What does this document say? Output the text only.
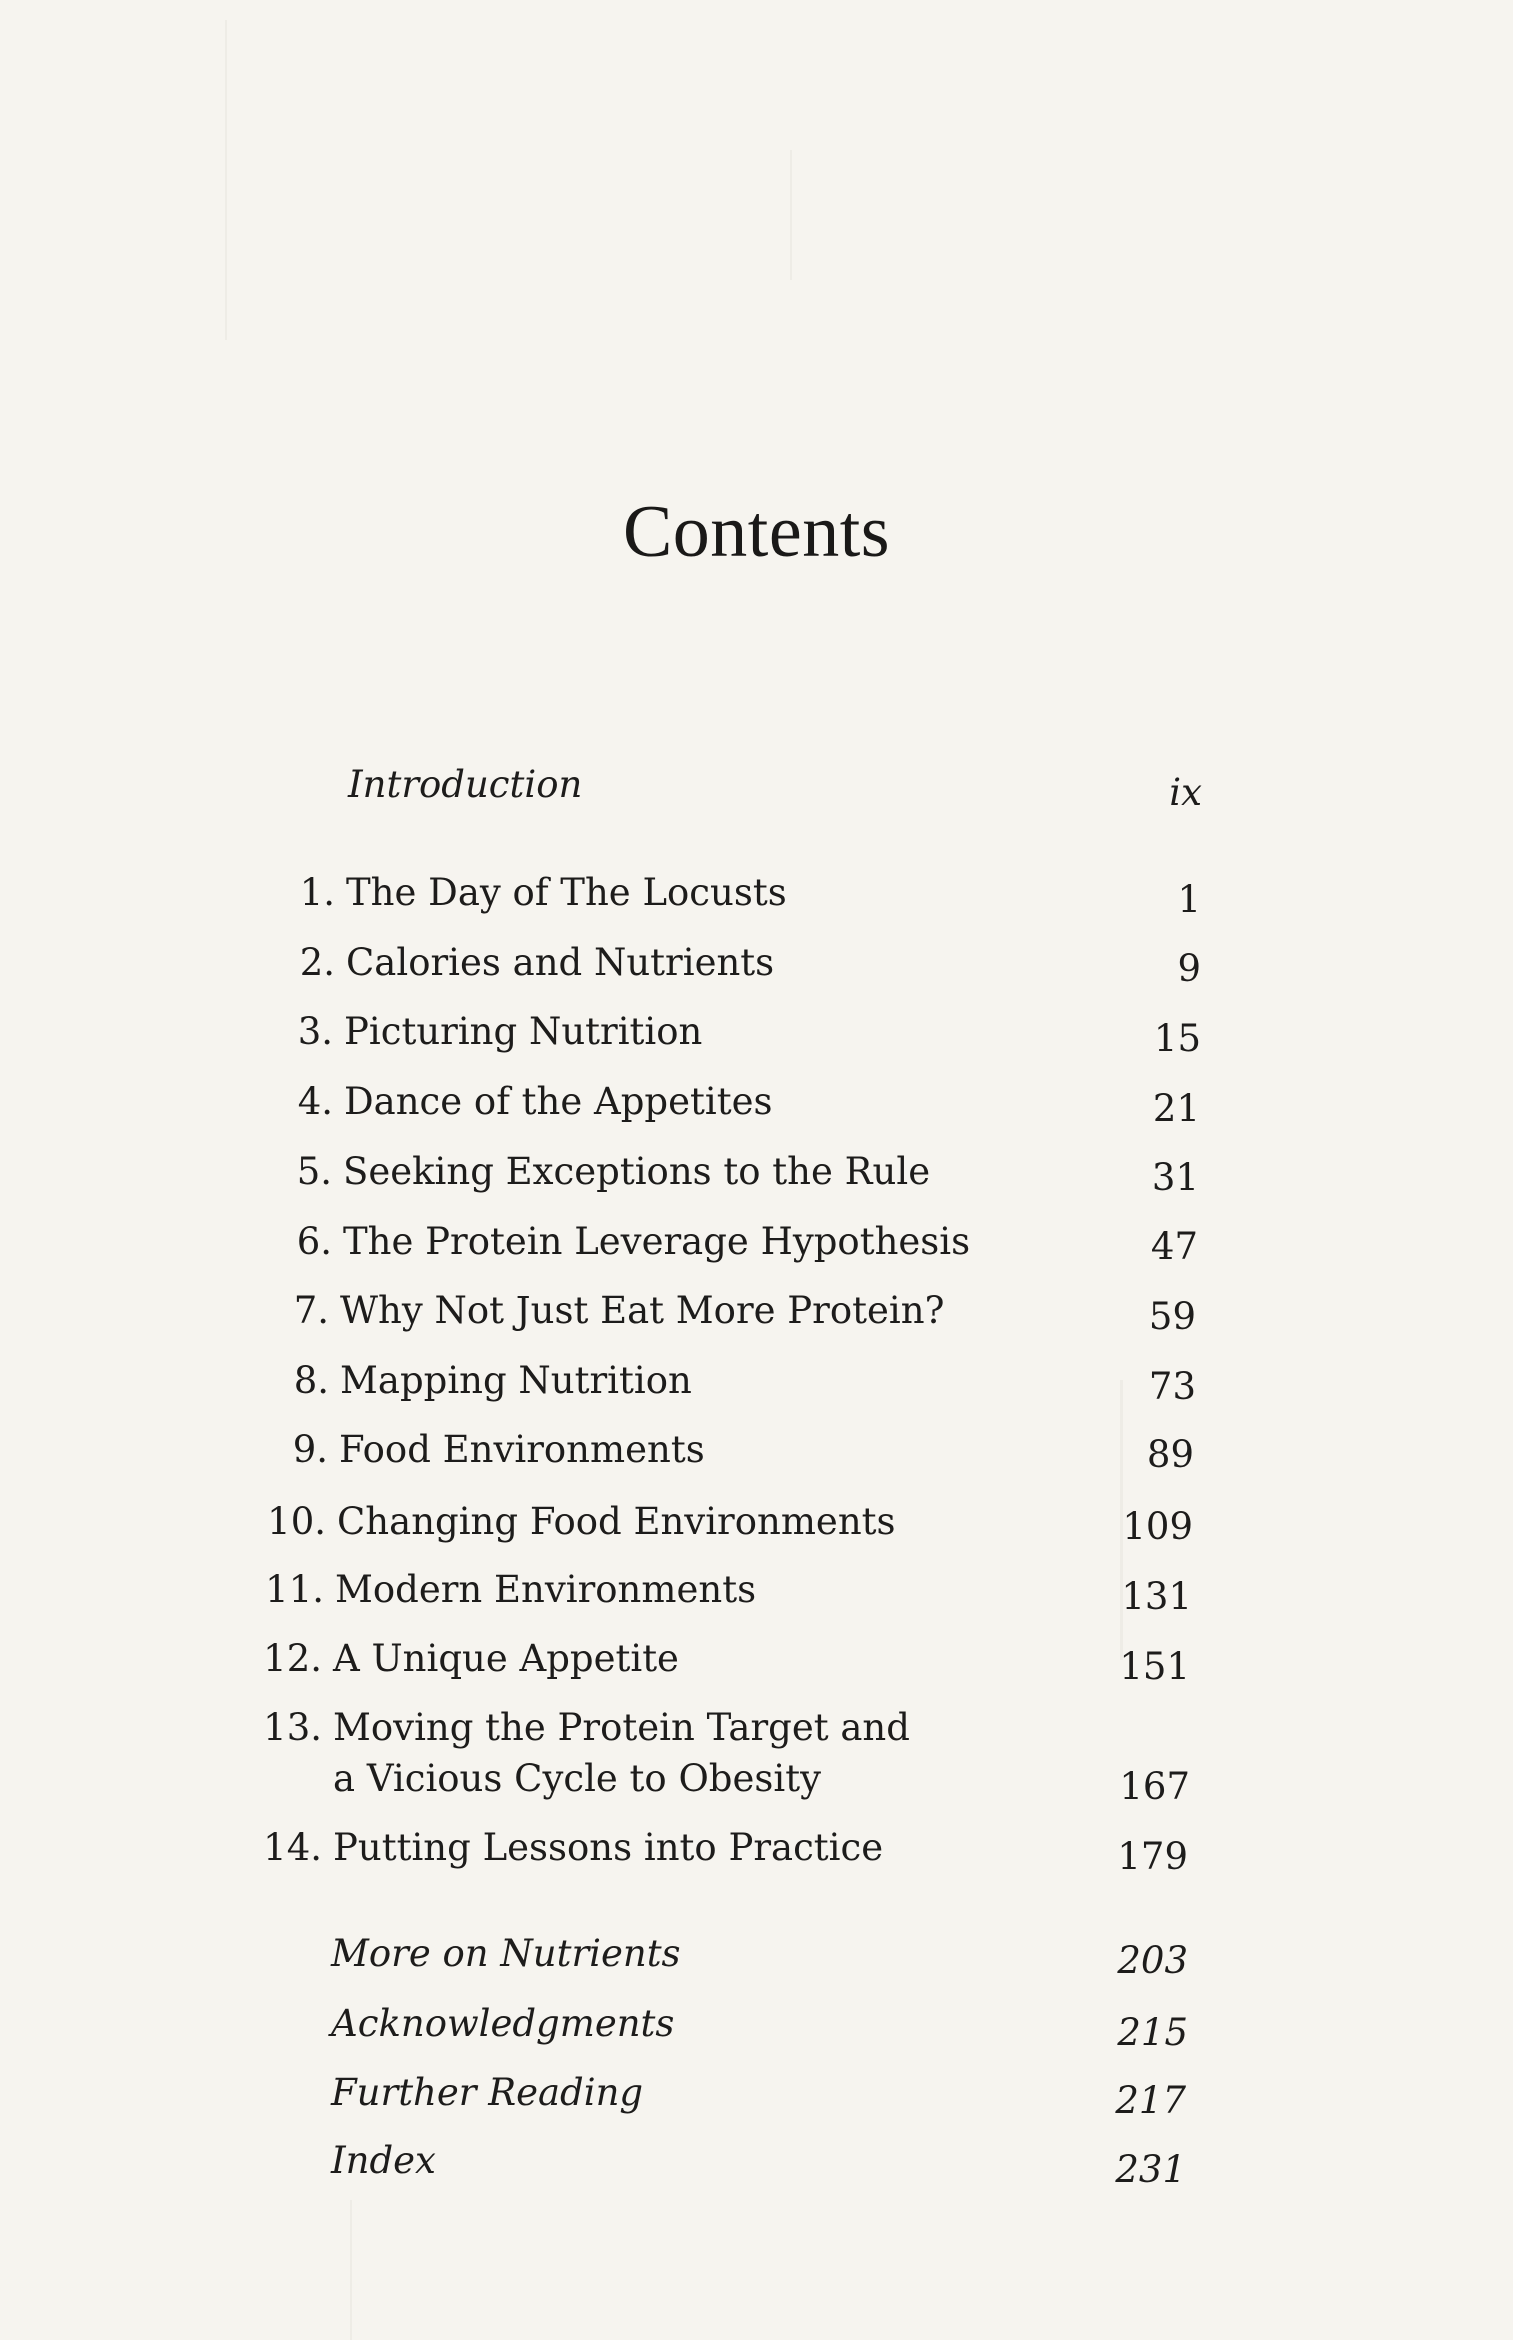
Contents
Introduction	ix
1. The Day of The Locusts	1
2. Calories and Nutrients	9
3. Picturing Nutrition	15
4. Dance of the Appetites	21
5. Seeking Exceptions to the Rule	31
6. The Protein Leverage Hypothesis	47
7. Why Not Just Eat More Protein?	59
8. Mapping Nutrition	73
9. Food Environments	89
10. Changing Food Environments	109
11. Modern Environments	131
12. A Unique Appetite	151
13. Moving the Protein Target and
a Vicious Cycle to Obesity	167
14. Putting Lessons into Practice	179
More on Nutrients	203
Acknowledgments	215
Further Reading	217
Index	231
